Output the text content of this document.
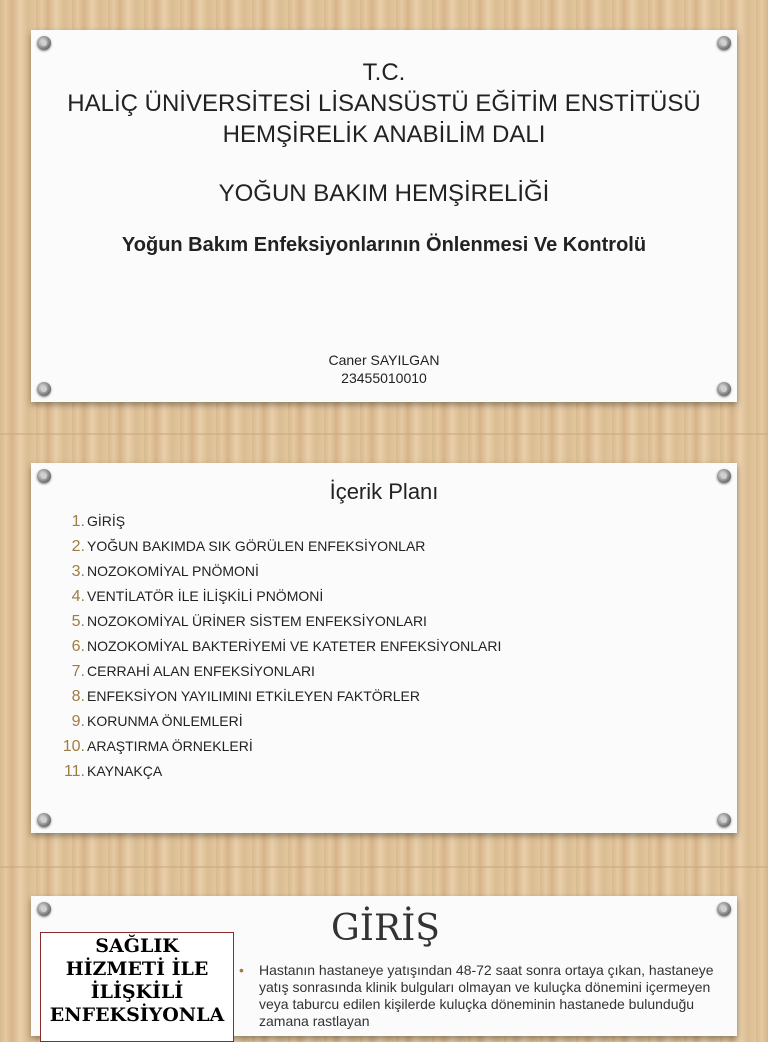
T.C.
HALİÇ ÜNİVERSİTESİ LİSANSÜSTÜ EĞİTİM ENSTİTÜSÜ
HEMŞİRELİK ANABİLİM DALI
YOĞUN BAKIM HEMŞİRELİĞİ
Yoğun Bakım Enfeksiyonlarının Önlenmesi Ve Kontrolü
Caner SAYILGAN
23455010010
İçerik Planı
1. GİRİŞ
2. YOĞUN BAKIMDA SIK GÖRÜLEN ENFEKSİYONLAR
3. NOZOKOMİYAL PNÖMONİ
4. VENTİLATÖR İLE İLİŞKİLİ PNÖMONİ
5. NOZOKOMİYAL ÜRİNER SİSTEM ENFEKSİYONLARI
6. NOZOKOMİYAL BAKTERİYEMİ VE KATETER ENFEKSİYONLARI
7. CERRAHİ ALAN ENFEKSİYONLARI
8. ENFEKSİYON YAYILIMINI ETKİLEYEN FAKTÖRLER
9. KORUNMA ÖNLEMLERİ
10. ARAŞTIRMA ÖRNEKLERİ
11. KAYNAKÇA
GİRİŞ
SAĞLIK
HİZMETİ İLE
İLİŞKİLİ
ENFEKSİYONLA
•	Hastanın hastaneye yatışından 48-72 saat sonra ortaya çıkan, hastaneye yatış sonrasında klinik bulguları olmayan ve kuluçka dönemini içermeyen veya taburcu edilen kişilerde kuluçka döneminin hastanede bulunduğu zamana rastlayan
